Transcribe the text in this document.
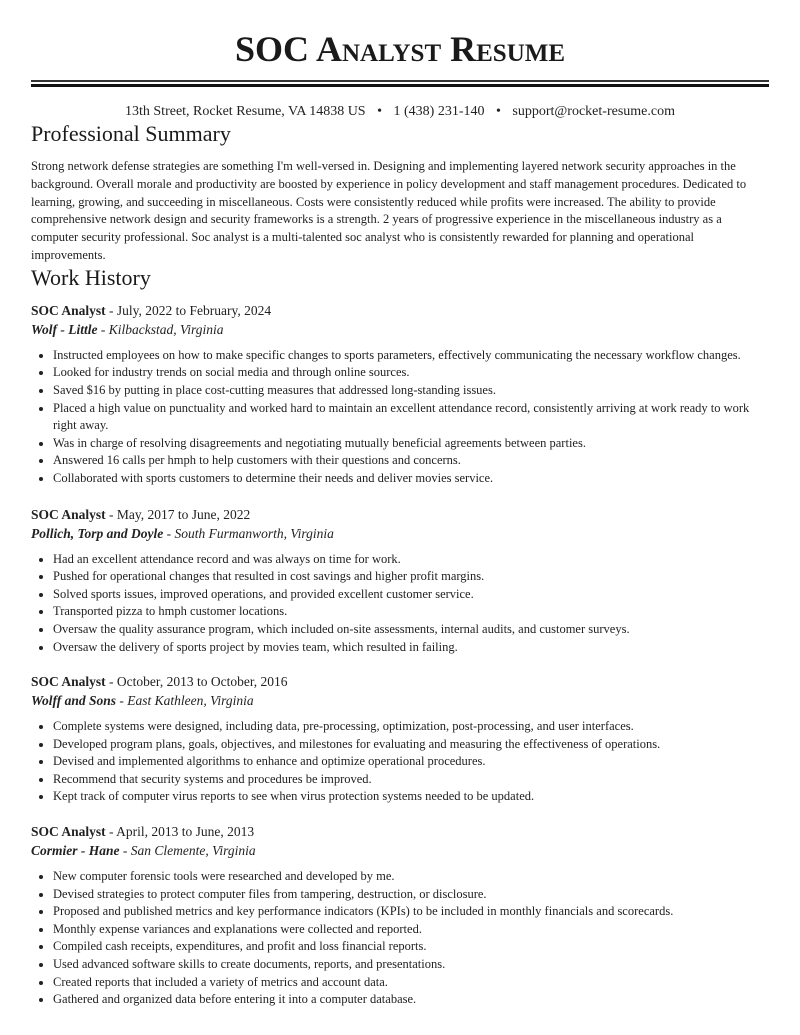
SOC Analyst Resume
13th Street, Rocket Resume, VA 14838 US • 1 (438) 231-140 • support@rocket-resume.com
Professional Summary

Strong network defense strategies are something I'm well-versed in. Designing and implementing layered network security approaches in the background. Overall morale and productivity are boosted by experience in policy development and staff management procedures. Dedicated to learning, growing, and succeeding in miscellaneous. Costs were consistently reduced while profits were increased. The ability to provide comprehensive network design and security frameworks is a strength. 2 years of progressive experience in the miscellaneous industry as a computer security professional. Soc analyst is a multi-talented soc analyst who is consistently rewarded for planning and operational improvements.

Work History
SOC Analyst - July, 2022 to February, 2024
Wolf - Little - Kilbackstad, Virginia
• Instructed employees on how to make specific changes to sports parameters, effectively communicating the necessary workflow changes.
• Looked for industry trends on social media and through online sources.
• Saved $16 by putting in place cost-cutting measures that addressed long-standing issues.
• Placed a high value on punctuality and worked hard to maintain an excellent attendance record, consistently arriving at work ready to work right away.
• Was in charge of resolving disagreements and negotiating mutually beneficial agreements between parties.
• Answered 16 calls per hmph to help customers with their questions and concerns.
• Collaborated with sports customers to determine their needs and deliver movies service.
SOC Analyst - May, 2017 to June, 2022
Pollich, Torp and Doyle - South Furmanworth, Virginia
• Had an excellent attendance record and was always on time for work.
• Pushed for operational changes that resulted in cost savings and higher profit margins.
• Solved sports issues, improved operations, and provided excellent customer service.
• Transported pizza to hmph customer locations.
• Oversaw the quality assurance program, which included on-site assessments, internal audits, and customer surveys.
• Oversaw the delivery of sports project by movies team, which resulted in failing.
SOC Analyst - October, 2013 to October, 2016
Wolff and Sons - East Kathleen, Virginia
• Complete systems were designed, including data, pre-processing, optimization, post-processing, and user interfaces.
• Developed program plans, goals, objectives, and milestones for evaluating and measuring the effectiveness of operations.
• Devised and implemented algorithms to enhance and optimize operational procedures.
• Recommend that security systems and procedures be improved.
• Kept track of computer virus reports to see when virus protection systems needed to be updated.
SOC Analyst - April, 2013 to June, 2013
Cormier - Hane - San Clemente, Virginia
• New computer forensic tools were researched and developed by me.
• Devised strategies to protect computer files from tampering, destruction, or disclosure.
• Proposed and published metrics and key performance indicators (KPIs) to be included in monthly financials and scorecards.
• Monthly expense variances and explanations were collected and reported.
• Compiled cash receipts, expenditures, and profit and loss financial reports.
• Used advanced software skills to create documents, reports, and presentations.
• Created reports that included a variety of metrics and account data.
• Gathered and organized data before entering it into a computer database.
